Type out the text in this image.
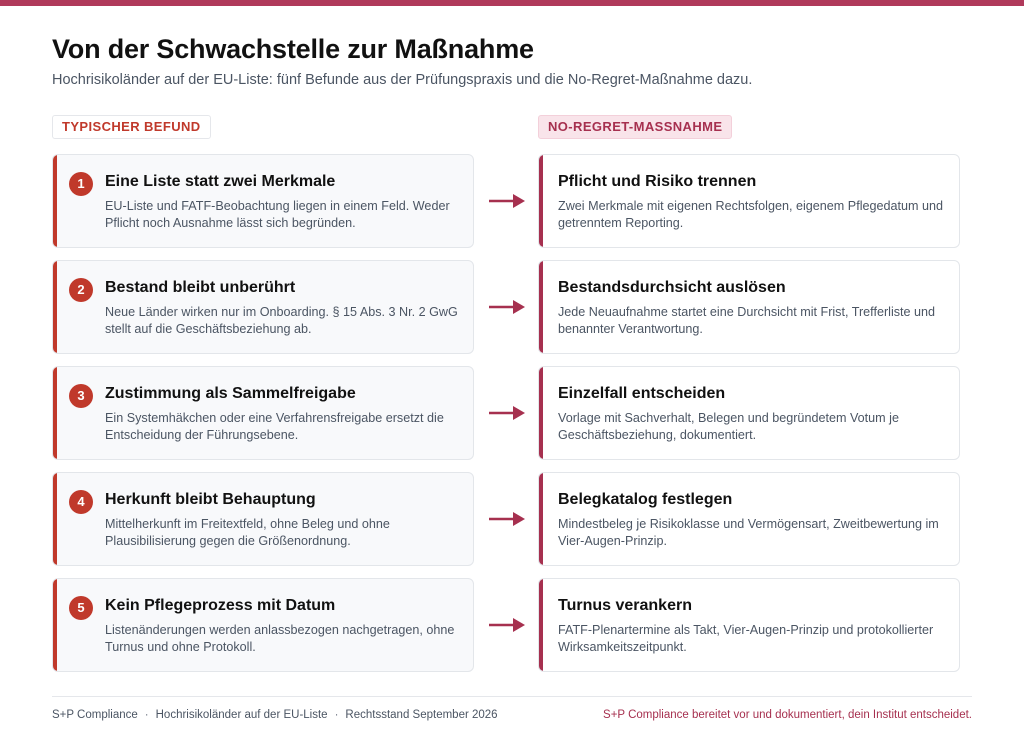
Von der Schwachstelle zur Maßnahme

Hochrisikoländer auf der EU-Liste: fünf Befunde aus der Prüfungspraxis und die No-Regret-Maßnahme dazu.

TYPISCHER BEFUND	NO-REGRET-MASSNAHME
1	Eine Liste statt zwei Merkmale
EU-Liste und FATF-Beobachtung liegen in einem Feld. Weder Pflicht noch Ausnahme lässt sich begründen.
Pflicht und Risiko trennen
Zwei Merkmale mit eigenen Rechtsfolgen, eigenem Pflegedatum und getrenntem Reporting.
2	Bestand bleibt unberührt
Neue Länder wirken nur im Onboarding. § 15 Abs. 3 Nr. 2 GwG stellt auf die Geschäftsbeziehung ab.
Bestandsdurchsicht auslösen
Jede Neuaufnahme startet eine Durchsicht mit Frist, Trefferliste und benannter Verantwortung.
3	Zustimmung als Sammelfreigabe
Ein Systemhäkchen oder eine Verfahrensfreigabe ersetzt die Entscheidung der Führungsebene.
Einzelfall entscheiden
Vorlage mit Sachverhalt, Belegen und begründetem Votum je Geschäftsbeziehung, dokumentiert.
4	Herkunft bleibt Behauptung
Mittelherkunft im Freitextfeld, ohne Beleg und ohne Plausibilisierung gegen die Größenordnung.
Belegkatalog festlegen
Mindestbeleg je Risikoklasse und Vermögensart, Zweitbewertung im Vier-Augen-Prinzip.
5	Kein Pflegeprozess mit Datum
Listenänderungen werden anlassbezogen nachgetragen, ohne Turnus und ohne Protokoll.
Turnus verankern
FATF-Plenartermine als Takt, Vier-Augen-Prinzip und protokollierter Wirksamkeitszeitpunkt.
S+P Compliance · Hochrisikoländer auf der EU-Liste · Rechtsstand September 2026	S+P Compliance bereitet vor und dokumentiert, dein Institut entscheidet.
